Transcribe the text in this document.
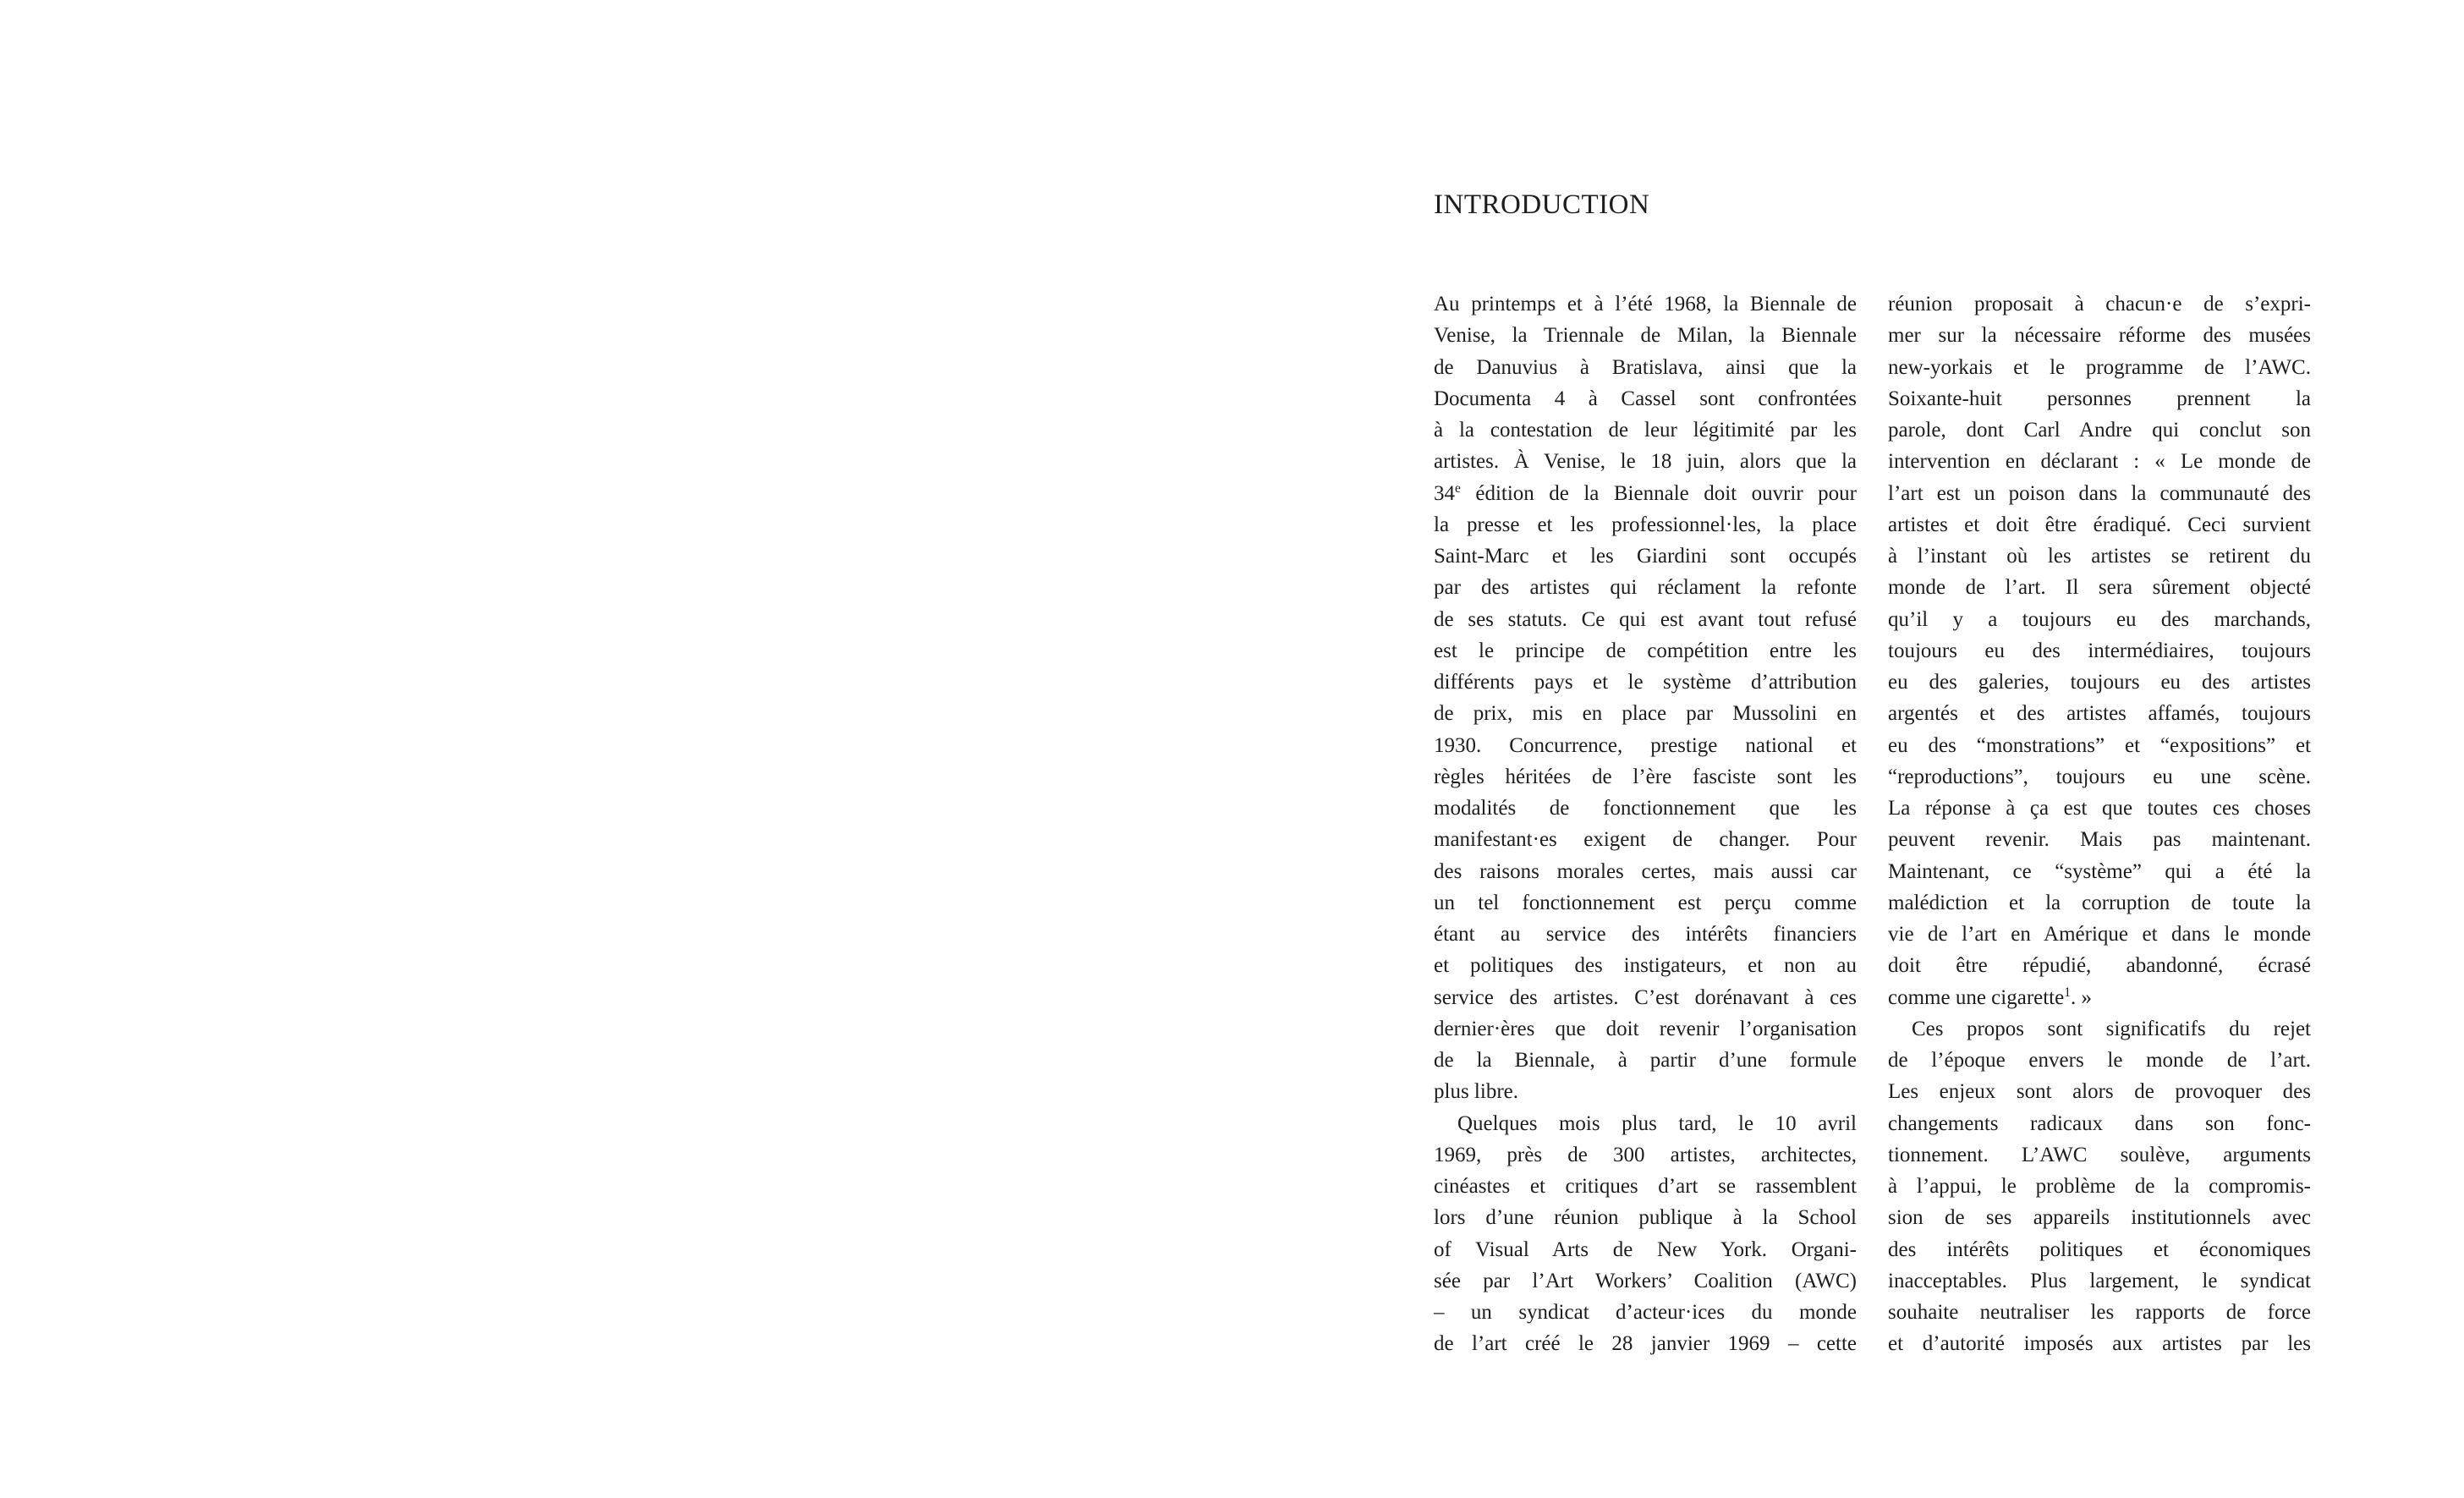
INTRODUCTION
Au printemps et à l’été 1968, la Biennale de
Venise, la Triennale de Milan, la Biennale
de Danuvius à Bratislava, ainsi que la
Documenta 4 à Cassel sont confrontées
à la contestation de leur légitimité par les
artistes. À Venise, le 18 juin, alors que la
34e édition de la Biennale doit ouvrir pour
la presse et les professionnel·les, la place
Saint-Marc et les Giardini sont occupés
par des artistes qui réclament la refonte
de ses statuts. Ce qui est avant tout refusé
est le principe de compétition entre les
différents pays et le système d’attribution
de prix, mis en place par Mussolini en
1930. Concurrence, prestige national et
règles héritées de l’ère fasciste sont les
modalités de fonctionnement que les
manifestant·es exigent de changer. Pour
des raisons morales certes, mais aussi car
un tel fonctionnement est perçu comme
étant au service des intérêts financiers
et politiques des instigateurs, et non au
service des artistes. C’est dorénavant à ces
dernier·ères que doit revenir l’organisation
de la Biennale, à partir d’une formule
plus libre.
Quelques mois plus tard, le 10 avril
1969, près de 300 artistes, architectes,
cinéastes et critiques d’art se rassemblent
lors d’une réunion publique à la School
of Visual Arts de New York. Organi-
sée par l’Art Workers’ Coalition (AWC)
– un syndicat d’acteur·ices du monde
de l’art créé le 28 janvier 1969 – cette
réunion proposait à chacun·e de s’expri-
mer sur la nécessaire réforme des musées
new-yorkais et le programme de l’AWC.
Soixante-huit personnes prennent la
parole, dont Carl Andre qui conclut son
intervention en déclarant : « Le monde de
l’art est un poison dans la communauté des
artistes et doit être éradiqué. Ceci survient
à l’instant où les artistes se retirent du
monde de l’art. Il sera sûrement objecté
qu’il y a toujours eu des marchands,
toujours eu des intermédiaires, toujours
eu des galeries, toujours eu des artistes
argentés et des artistes affamés, toujours
eu des “monstrations” et “expositions” et
“reproductions”, toujours eu une scène.
La réponse à ça est que toutes ces choses
peuvent revenir. Mais pas maintenant.
Maintenant, ce “système” qui a été la
malédiction et la corruption de toute la
vie de l’art en Amérique et dans le monde
doit être répudié, abandonné, écrasé
comme une cigarette$^1$. »
Ces propos sont significatifs du rejet
de l’époque envers le monde de l’art.
Les enjeux sont alors de provoquer des
changements radicaux dans son fonc-
tionnement. L’AWC soulève, arguments
à l’appui, le problème de la compromis-
sion de ses appareils institutionnels avec
des intérêts politiques et économiques
inacceptables. Plus largement, le syndicat
souhaite neutraliser les rapports de force
et d’autorité imposés aux artistes par les
